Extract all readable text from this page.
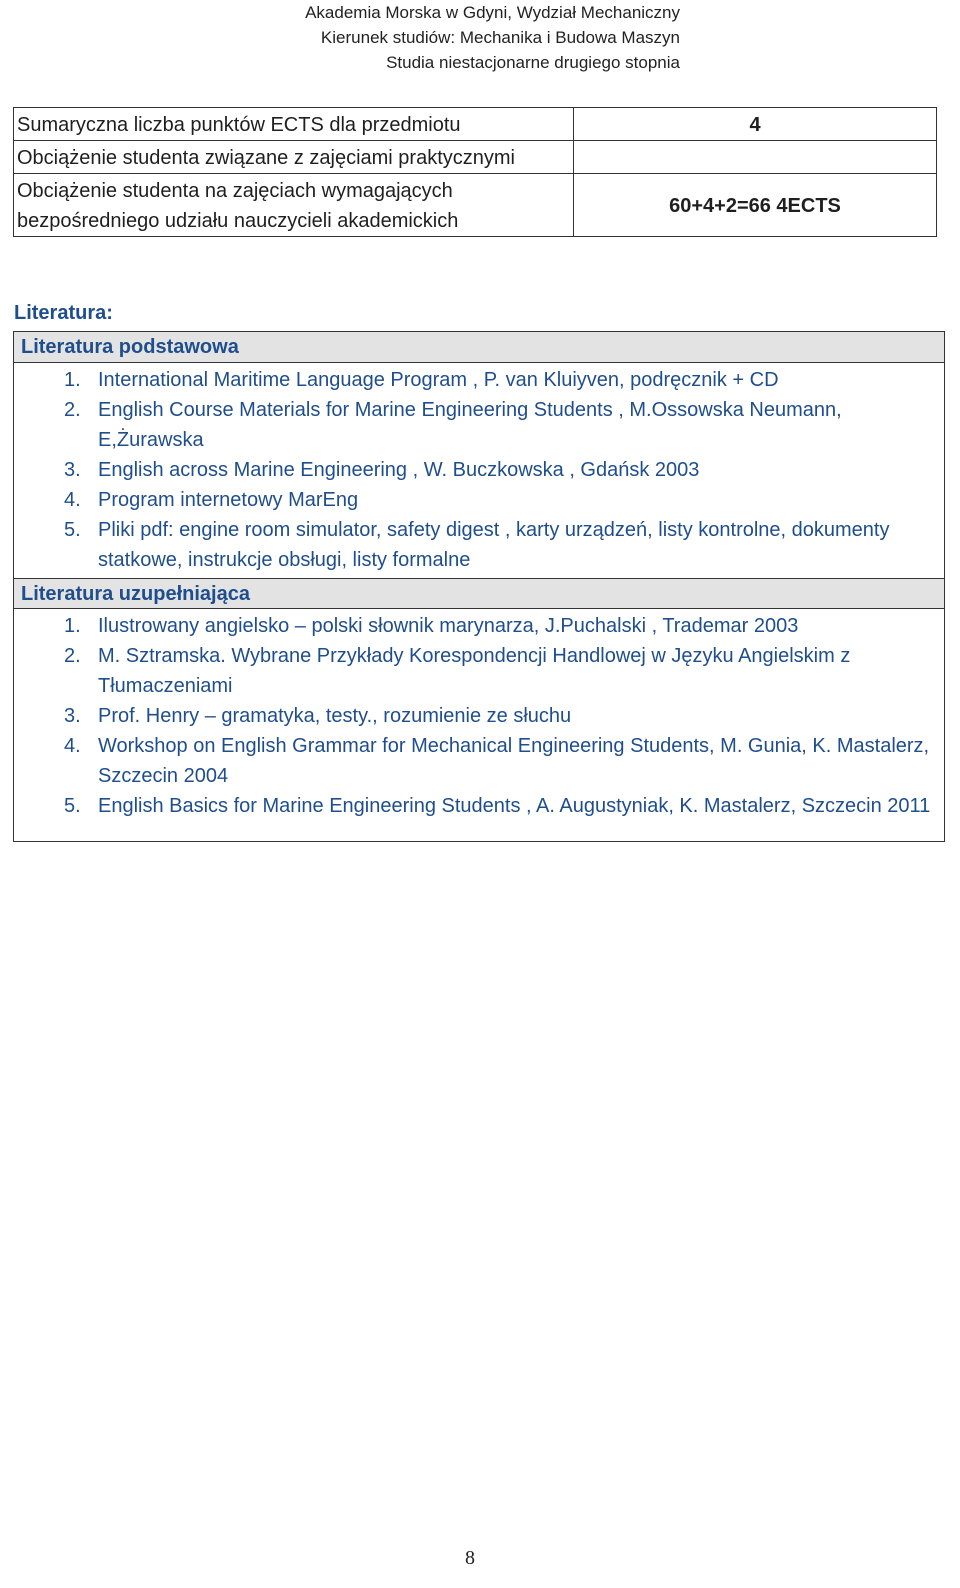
Akademia Morska w Gdyni, Wydział Mechaniczny
Kierunek studiów: Mechanika i Budowa Maszyn
Studia niestacjonarne drugiego stopnia
Sumaryczna liczba punktów ECTS dla przedmiotu	4
Obciążenie studenta związane z zajęciami praktycznymi	
Obciążenie studenta na zajęciach wymagających bezpośredniego udziału nauczycieli akademickich	60+4+2=66 4ECTS
Literatura:
Literatura podstawowa
1. International Maritime Language Program , P. van Kluiyven, podręcznik + CD
2. English Course Materials for Marine Engineering Students , M.Ossowska Neumann, E,Żurawska
3. English across Marine Engineering , W. Buczkowska , Gdańsk 2003
4. Program internetowy MarEng
5. Pliki pdf: engine room simulator, safety digest , karty urządzeń, listy kontrolne, dokumenty statkowe, instrukcje obsługi, listy formalne
Literatura uzupełniająca
1. Ilustrowany angielsko – polski słownik marynarza, J.Puchalski , Trademar 2003
2. M. Sztramska. Wybrane Przykłady Korespondencji Handlowej w Języku Angielskim z Tłumaczeniami
3. Prof. Henry – gramatyka, testy., rozumienie ze słuchu
4. Workshop on English Grammar for Mechanical Engineering Students, M. Gunia, K. Mastalerz, Szczecin 2004
5. English Basics for Marine Engineering Students , A. Augustyniak, K. Mastalerz, Szczecin 2011
8
